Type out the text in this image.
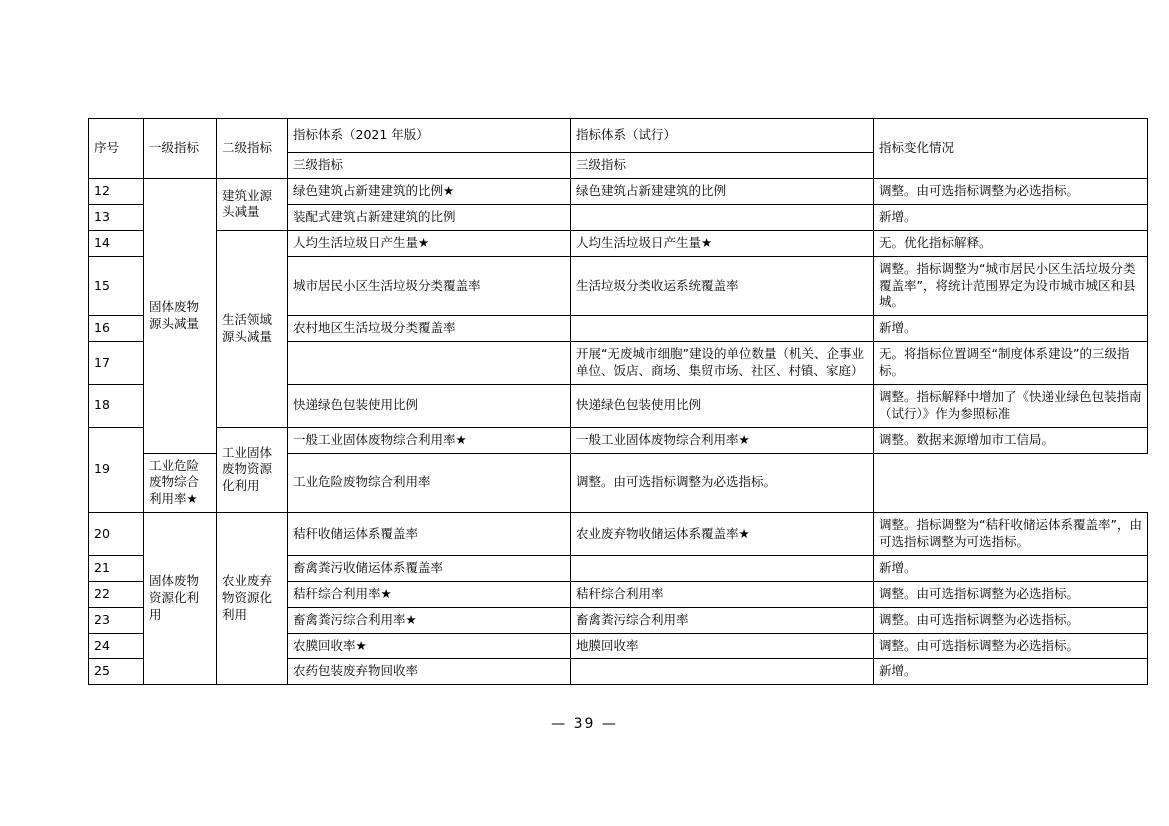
序号	一级指标	二级指标	指标体系（2021 年版）	指标体系（试行）	指标变化情况
			三级指标	三级指标	
12	固体废物源头减量	建筑业源头减量	绿色建筑占新建建筑的比例★	绿色建筑占新建建筑的比例	调整。由可选指标调整为必选指标。
13			装配式建筑占新建建筑的比例		新增。
14		生活领域源头减量	人均生活垃圾日产生量★	人均生活垃圾日产生量★	无。优化指标解释。
15			城市居民小区生活垃圾分类覆盖率	生活垃圾分类收运系统覆盖率	调整。指标调整为“城市居民小区生活垃圾分类覆盖率”，将统计范围界定为设市城市城区和县城。
16			农村地区生活垃圾分类覆盖率		新增。
17				开展“无废城市细胞”建设的单位数量（机关、企事业单位、饭店、商场、集贸市场、社区、村镇、家庭）	无。将指标位置调至“制度体系建设”的三级指标。
18			快递绿色包装使用比例	快递绿色包装使用比例	调整。指标解释中增加了《快递业绿色包装指南（试行）》作为参照标准
19		工业固体废物资源化利用	一般工业固体废物综合利用率★	一般工业固体废物综合利用率★	调整。数据来源增加市工信局。
	工业危险废物综合利用率★		工业危险废物综合利用率	调整。由可选指标调整为必选指标。	
20	固体废物资源化利用	农业废弃物资源化利用	秸秆收储运体系覆盖率	农业废弃物收储运体系覆盖率★	调整。指标调整为“秸秆收储运体系覆盖率”，由可选指标调整为可选指标。
21			畜禽粪污收储运体系覆盖率		新增。
22			秸秆综合利用率★	秸秆综合利用率	调整。由可选指标调整为必选指标。
23			畜禽粪污综合利用率★	畜禽粪污综合利用率	调整。由可选指标调整为必选指标。
24			农膜回收率★	地膜回收率	调整。由可选指标调整为必选指标。
25			农药包装废弃物回收率		新增。
— 39 —
